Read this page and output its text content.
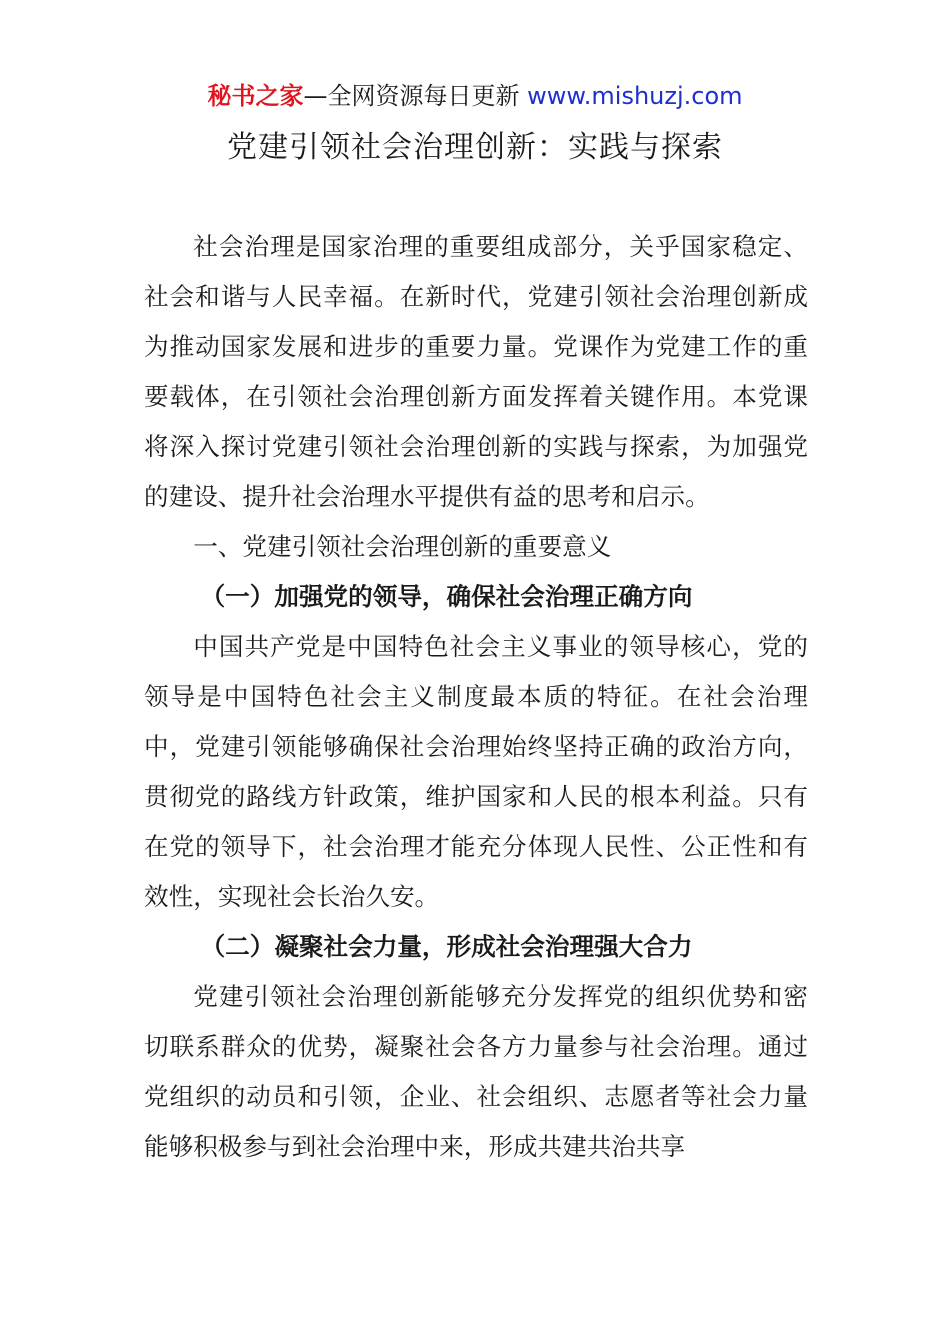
秘书之家—全网资源每日更新 www.mishuzj.com
党建引领社会治理创新：实践与探索

社会治理是国家治理的重要组成部分，关乎国家稳定、社会和谐与人民幸福。在新时代，党建引领社会治理创新成为推动国家发展和进步的重要力量。党课作为党建工作的重要载体，在引领社会治理创新方面发挥着关键作用。本党课将深入探讨党建引领社会治理创新的实践与探索，为加强党的建设、提升社会治理水平提供有益的思考和启示。

一、党建引领社会治理创新的重要意义

（一）加强党的领导，确保社会治理正确方向

中国共产党是中国特色社会主义事业的领导核心，党的领导是中国特色社会主义制度最本质的特征。在社会治理中，党建引领能够确保社会治理始终坚持正确的政治方向，贯彻党的路线方针政策，维护国家和人民的根本利益。只有在党的领导下，社会治理才能充分体现人民性、公正性和有效性，实现社会长治久安。

（二）凝聚社会力量，形成社会治理强大合力

党建引领社会治理创新能够充分发挥党的组织优势和密切联系群众的优势，凝聚社会各方力量参与社会治理。通过党组织的动员和引领，企业、社会组织、志愿者等社会力量能够积极参与到社会治理中来，形成共建共治共享
